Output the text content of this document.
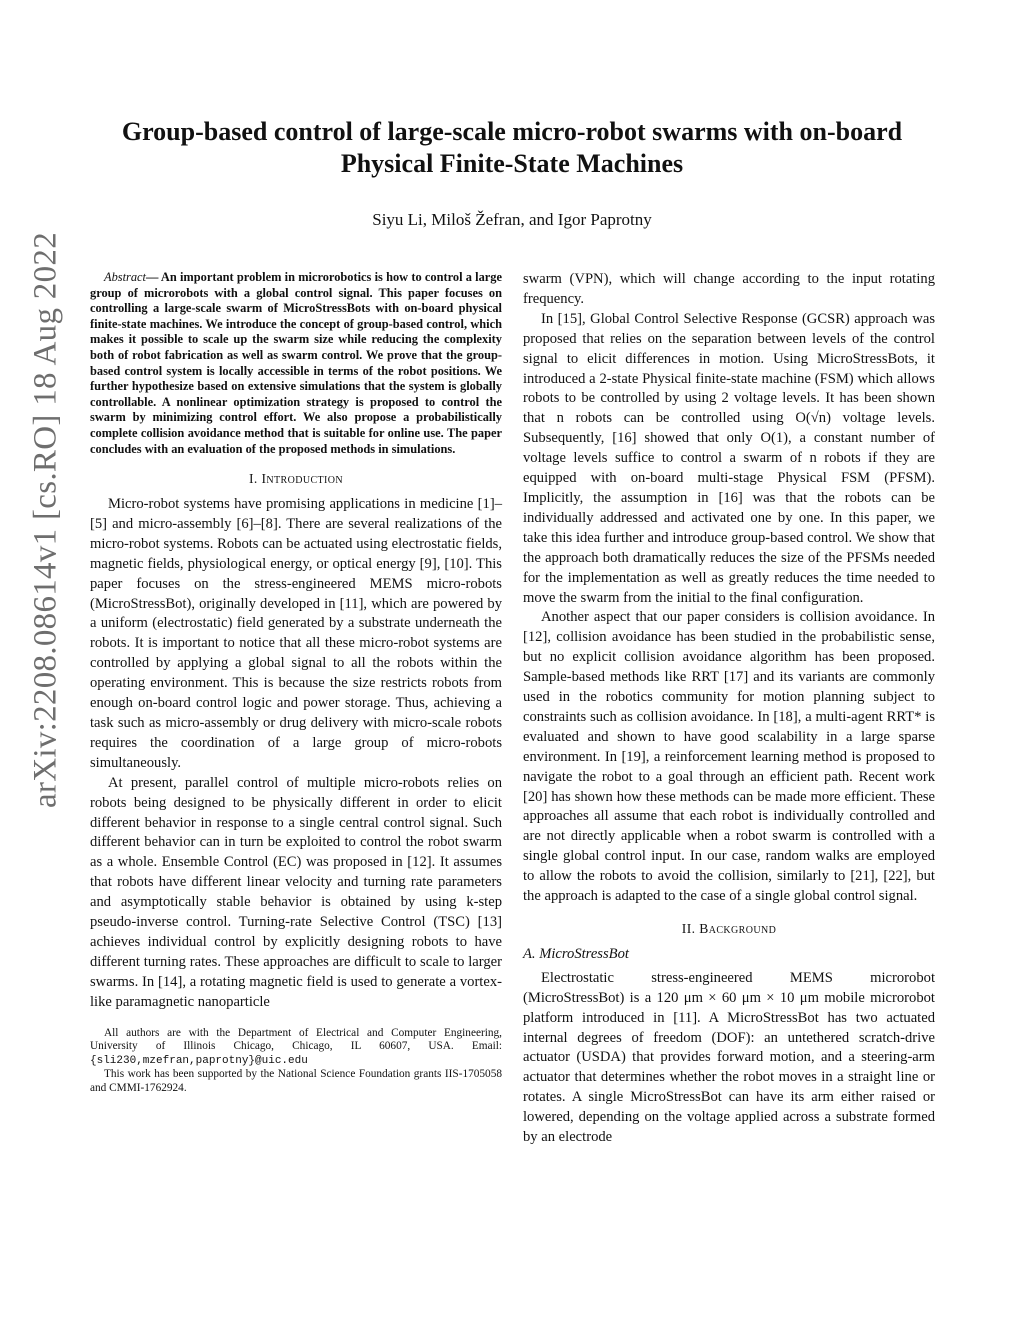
arXiv:2208.08614v1 [cs.RO] 18 Aug 2022
Group-based control of large-scale micro-robot swarms with on-board Physical Finite-State Machines
Siyu Li, Miloš Žefran, and Igor Paprotny

Abstract— An important problem in microrobotics is how to control a large group of microrobots with a global control signal. This paper focuses on controlling a large-scale swarm of MicroStressBots with on-board physical finite-state machines. We introduce the concept of group-based control, which makes it possible to scale up the swarm size while reducing the complexity both of robot fabrication as well as swarm control. We prove that the group-based control system is locally accessible in terms of the robot positions. We further hypothesize based on extensive simulations that the system is globally controllable. A nonlinear optimization strategy is proposed to control the swarm by minimizing control effort. We also propose a probabilistically complete collision avoidance method that is suitable for online use. The paper concludes with an evaluation of the proposed methods in simulations.

I. Introduction

Micro-robot systems have promising applications in medicine [1]–[5] and micro-assembly [6]–[8]. There are several realizations of the micro-robot systems. Robots can be actuated using electrostatic fields, magnetic fields, physiological energy, or optical energy [9], [10]. This paper focuses on the stress-engineered MEMS micro-robots (MicroStressBot), originally developed in [11], which are powered by a uniform (electrostatic) field generated by a substrate underneath the robots. It is important to notice that all these micro-robot systems are controlled by applying a global signal to all the robots within the operating environment. This is because the size restricts robots from enough on-board control logic and power storage. Thus, achieving a task such as micro-assembly or drug delivery with micro-scale robots requires the coordination of a large group of micro-robots simultaneously.

At present, parallel control of multiple micro-robots relies on robots being designed to be physically different in order to elicit different behavior in response to a single central control signal. Such different behavior can in turn be exploited to control the robot swarm as a whole. Ensemble Control (EC) was proposed in [12]. It assumes that robots have different linear velocity and turning rate parameters and asymptotically stable behavior is obtained by using k-step pseudo-inverse control. Turning-rate Selective Control (TSC) [13] achieves individual control by explicitly designing robots to have different turning rates. These approaches are difficult to scale to larger swarms. In [14], a rotating magnetic field is used to generate a vortex-like paramagnetic nanoparticle

All authors are with the Department of Electrical and Computer Engineering, University of Illinois Chicago, Chicago, IL 60607, USA. Email: {sli230,mzefran,paprotny}@uic.edu

This work has been supported by the National Science Foundation grants IIS-1705058 and CMMI-1762924.

swarm (VPN), which will change according to the input rotating frequency.

In [15], Global Control Selective Response (GCSR) approach was proposed that relies on the separation between levels of the control signal to elicit differences in motion. Using MicroStressBots, it introduced a 2-state Physical finite-state machine (FSM) which allows robots to be controlled by using 2 voltage levels. It has been shown that n robots can be controlled using O(√n) voltage levels. Subsequently, [16] showed that only O(1), a constant number of voltage levels suffice to control a swarm of n robots if they are equipped with on-board multi-stage Physical FSM (PFSM). Implicitly, the assumption in [16] was that the robots can be individually addressed and activated one by one. In this paper, we take this idea further and introduce group-based control. We show that the approach both dramatically reduces the size of the PFSMs needed for the implementation as well as greatly reduces the time needed to move the swarm from the initial to the final configuration.

Another aspect that our paper considers is collision avoidance. In [12], collision avoidance has been studied in the probabilistic sense, but no explicit collision avoidance algorithm has been proposed. Sample-based methods like RRT [17] and its variants are commonly used in the robotics community for motion planning subject to constraints such as collision avoidance. In [18], a multi-agent RRT* is evaluated and shown to have good scalability in a large sparse environment. In [19], a reinforcement learning method is proposed to navigate the robot to a goal through an efficient path. Recent work [20] has shown how these methods can be made more efficient. These approaches all assume that each robot is individually controlled and are not directly applicable when a robot swarm is controlled with a single global control input. In our case, random walks are employed to allow the robots to avoid the collision, similarly to [21], [22], but the approach is adapted to the case of a single global control signal.

II. Background
A. MicroStressBot

Electrostatic stress-engineered MEMS microrobot (MicroStressBot) is a 120 μm × 60 μm × 10 μm mobile microrobot platform introduced in [11]. A MicroStressBot has two actuated internal degrees of freedom (DOF): an untethered scratch-drive actuator (USDA) that provides forward motion, and a steering-arm actuator that determines whether the robot moves in a straight line or rotates. A single MicroStressBot can have its arm either raised or lowered, depending on the voltage applied across a substrate formed by an electrode
